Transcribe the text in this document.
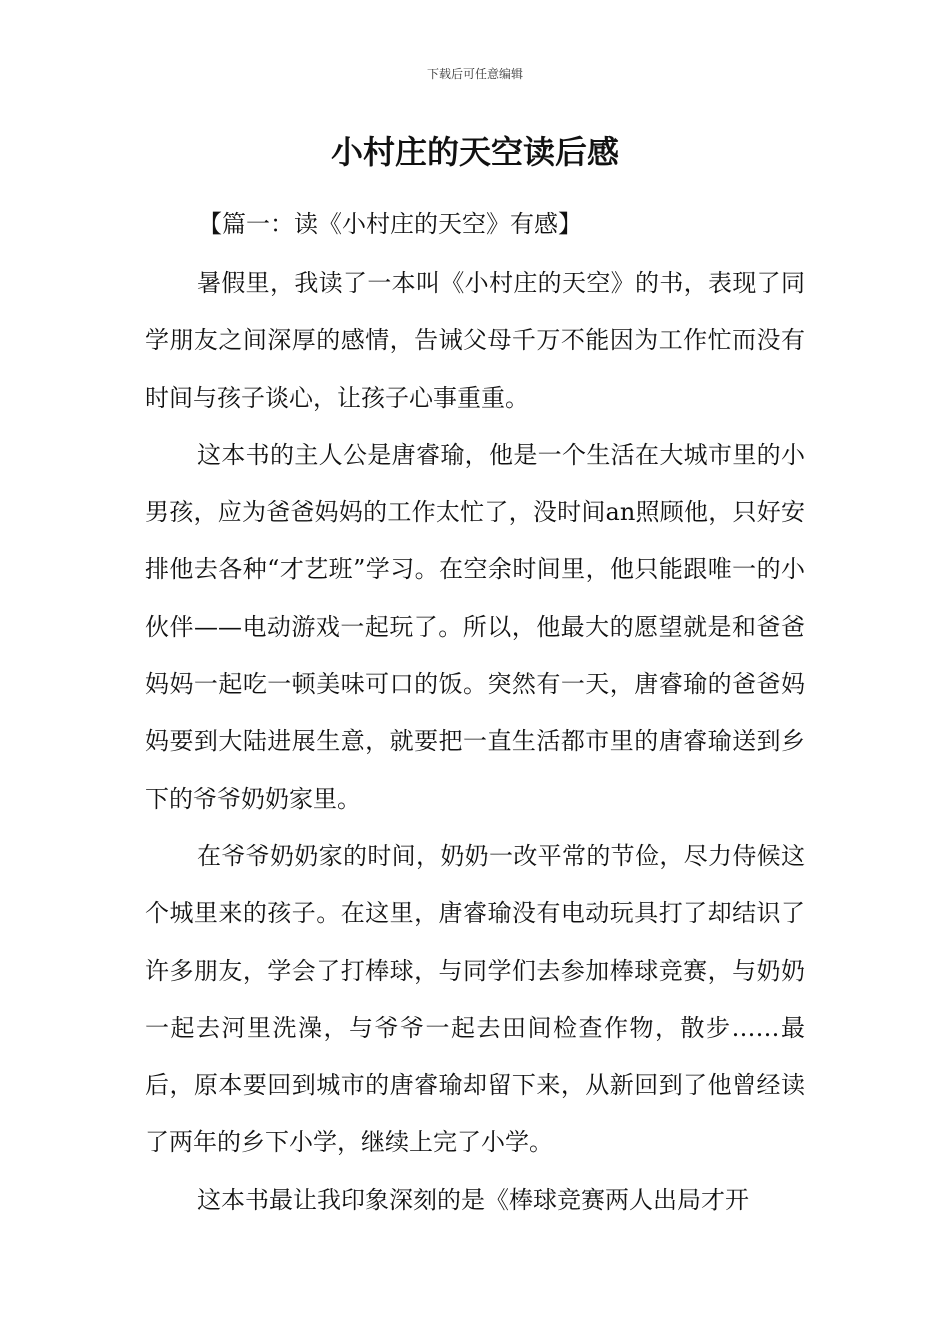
下载后可任意编辑
小村庄的天空读后感

【篇一：读《小村庄的天空》有感】

暑假里，我读了一本叫《小村庄的天空》的书，表现了同学朋友之间深厚的感情，告诫父母千万不能因为工作忙而没有时间与孩子谈心，让孩子心事重重。

这本书的主人公是唐睿瑜，他是一个生活在大城市里的小男孩，应为爸爸妈妈的工作太忙了，没时间an照顾他，只好安排他去各种“才艺班”学习。在空余时间里，他只能跟唯一的小伙伴——电动游戏一起玩了。所以，他最大的愿望就是和爸爸妈妈一起吃一顿美味可口的饭。突然有一天，唐睿瑜的爸爸妈妈要到大陆进展生意，就要把一直生活都市里的唐睿瑜送到乡下的爷爷奶奶家里。

在爷爷奶奶家的时间，奶奶一改平常的节俭，尽力侍候这个城里来的孩子。在这里，唐睿瑜没有电动玩具打了却结识了许多朋友，学会了打棒球，与同学们去参加棒球竞赛，与奶奶一起去河里洗澡，与爷爷一起去田间检查作物，散步……最后，原本要回到城市的唐睿瑜却留下来，从新回到了他曾经读了两年的乡下小学，继续上完了小学。

这本书最让我印象深刻的是《棒球竞赛两人出局才开
